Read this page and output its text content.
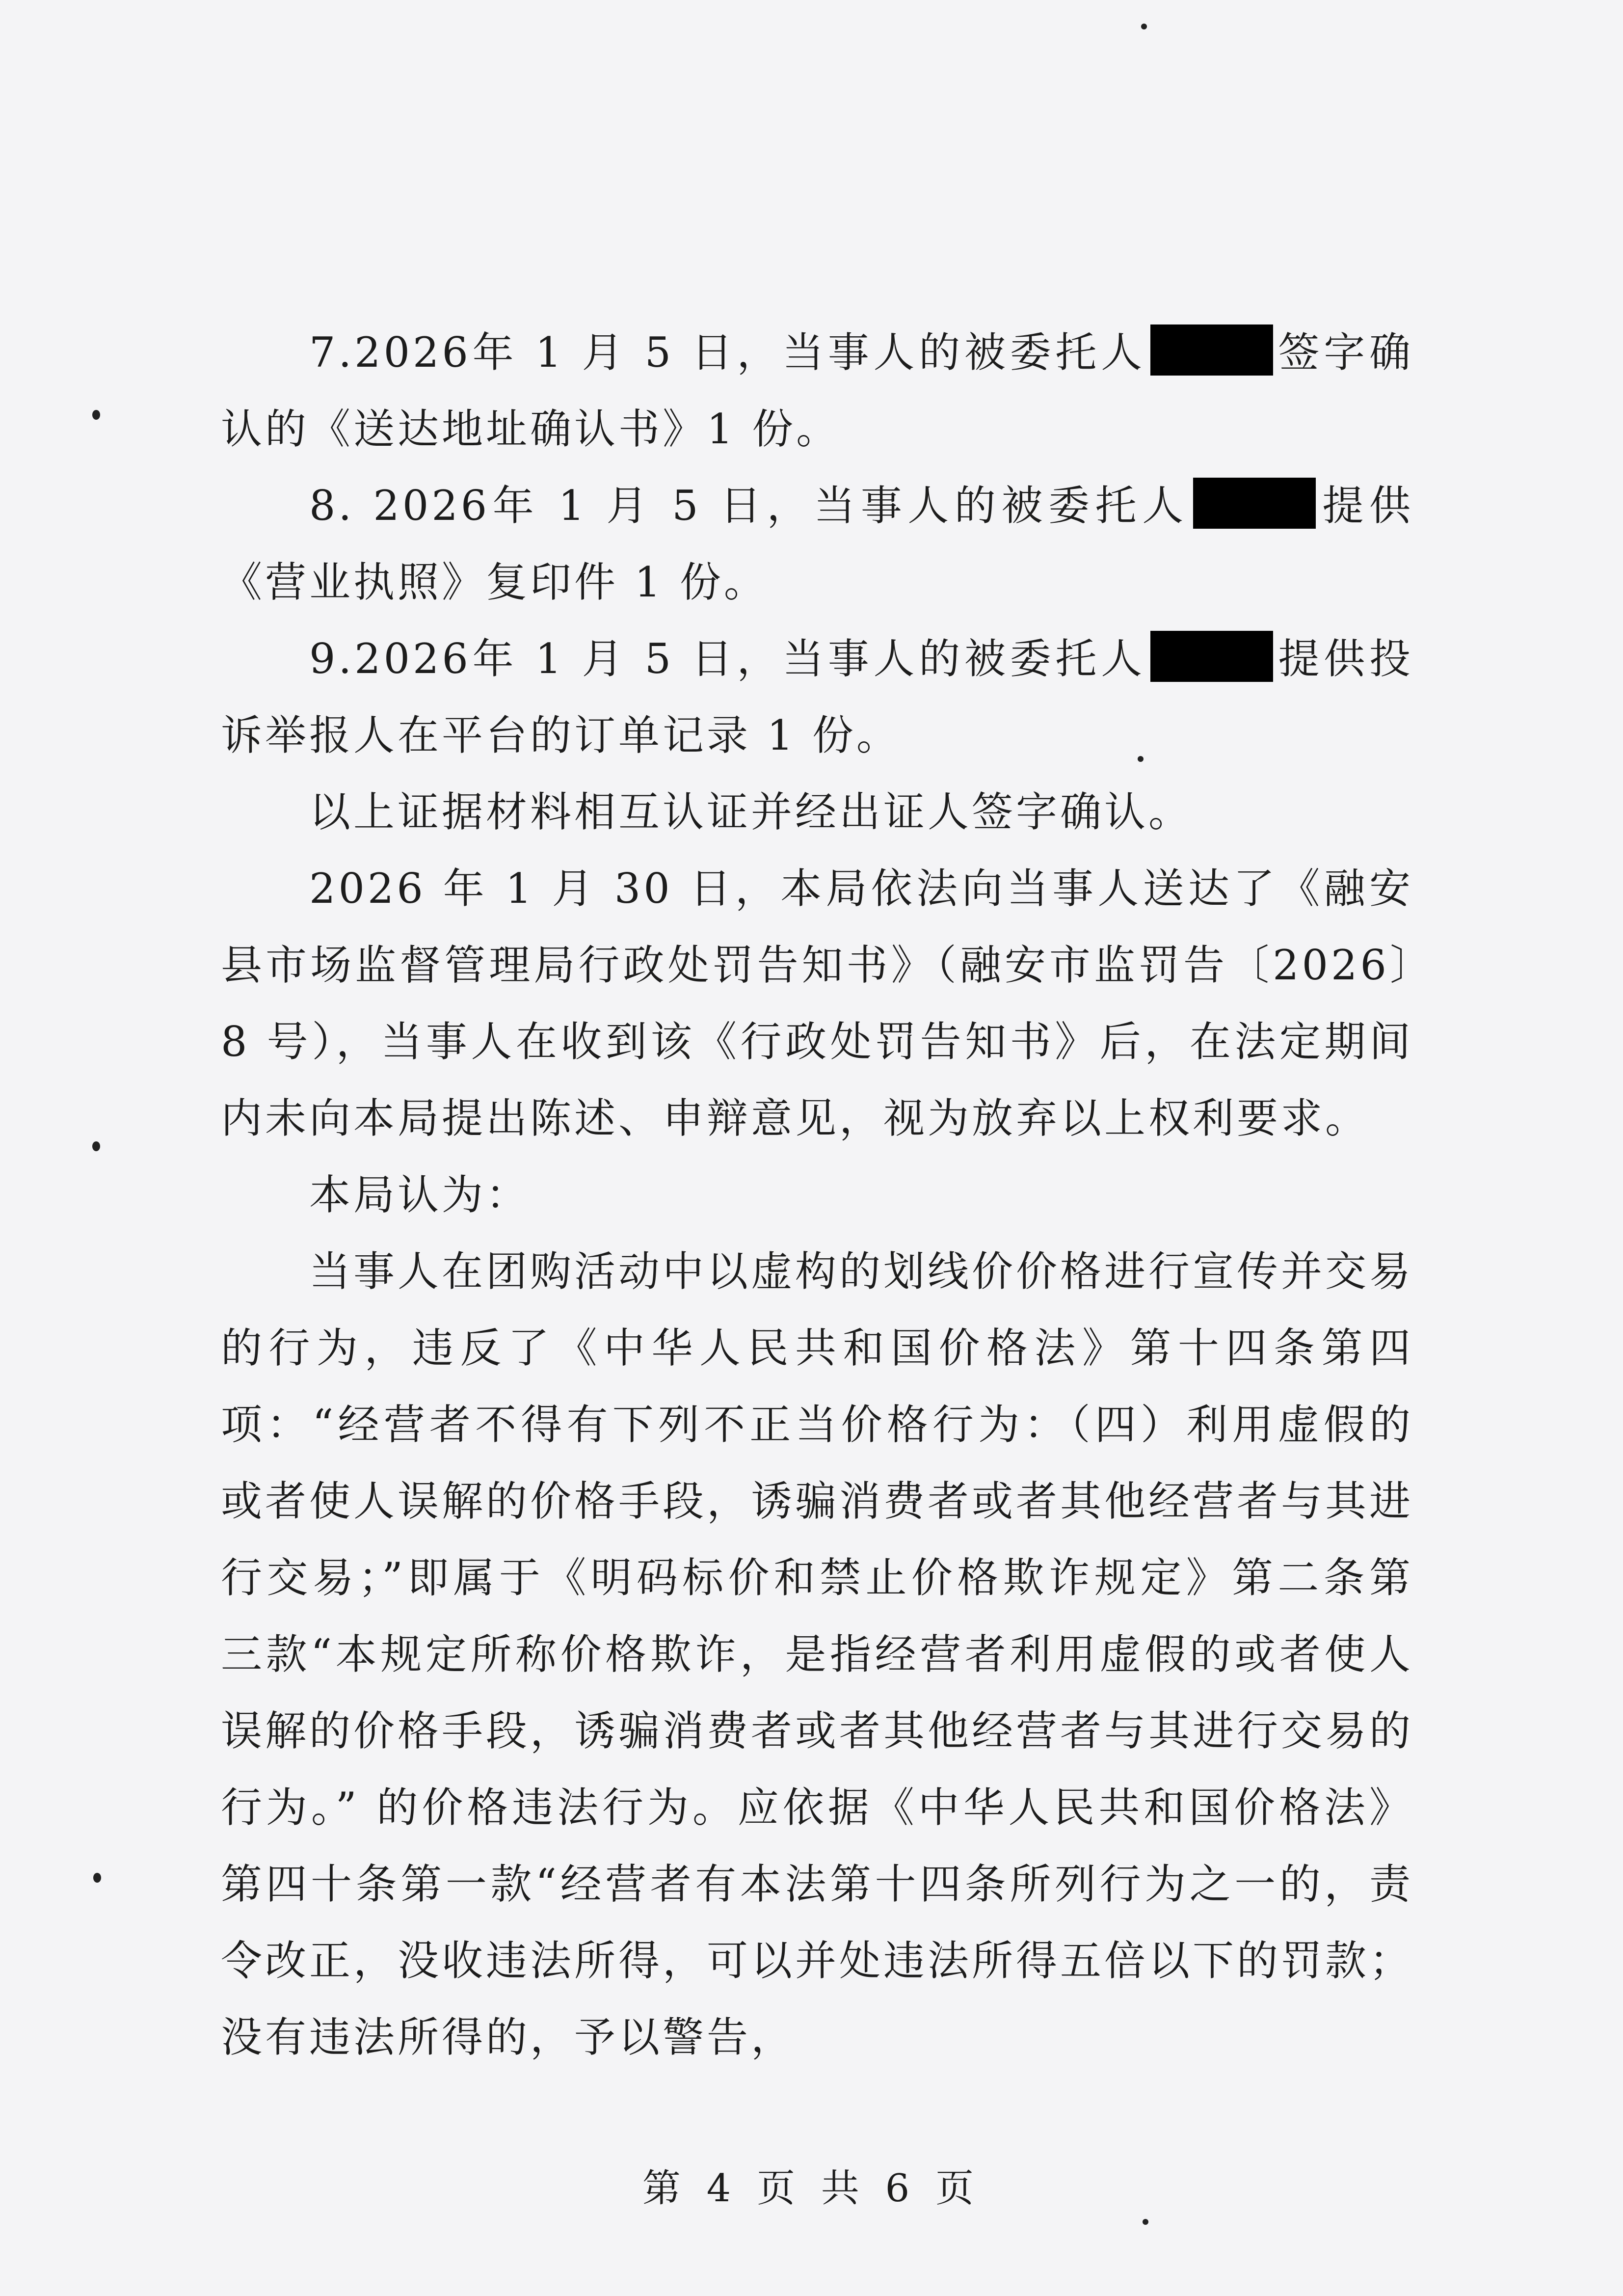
7.2026年 1 月 5 日，当事人的被委托人	签字确认的《送达地址确认书》1 份。

8. 2026年 1 月 5 日，当事人的被委托人	提供《营业执照》复印件 1 份。

9.2026年 1 月 5 日，当事人的被委托人	提供投诉举报人在平台的订单记录 1 份。

以上证据材料相互认证并经出证人签字确认。

2026 年 1 月 30 日，本局依法向当事人送达了《融安县市场监督管理局行政处罚告知书》（融安市监罚告〔2026〕8 号），当事人在收到该《行政处罚告知书》后，在法定期间内未向本局提出陈述、申辩意见，视为放弃以上权利要求。

本局认为：

当事人在团购活动中以虚构的划线价价格进行宣传并交易的行为，违反了《中华人民共和国价格法》第十四条第四项：“经营者不得有下列不正当价格行为：（四）利用虚假的或者使人误解的价格手段，诱骗消费者或者其他经营者与其进行交易；”即属于《明码标价和禁止价格欺诈规定》第二条第三款“本规定所称价格欺诈，是指经营者利用虚假的或者使人误解的价格手段，诱骗消费者或者其他经营者与其进行交易的行为。” 的价格违法行为。应依据《中华人民共和国价格法》第四十条第一款“经营者有本法第十四条所列行为之一的，责令改正，没收违法所得，可以并处违法所得五倍以下的罚款；没有违法所得的，予以警告，

第 4 页 共 6 页
